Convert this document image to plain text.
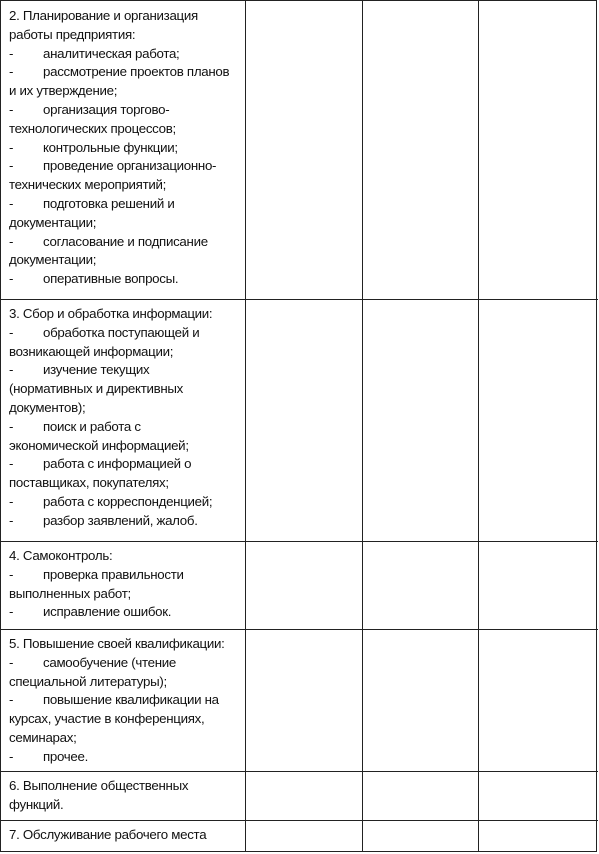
2. Планирование и организация
работы предприятия:
- аналитическая работа;
- рассмотрение проектов планов
и их утверждение;
- организация торгово-
технологических процессов;
- контрольные функции;
- проведение организационно-
технических мероприятий;
- подготовка решений и
документации;
- согласование и подписание
документации;
- оперативные вопросы.
3. Сбор и обработка информации:
- обработка поступающей и
возникающей информации;
- изучение текущих
(нормативных и директивных
документов);
- поиск и работа с
экономической информацией;
- работа с информацией о
поставщиках, покупателях;
- работа с корреспонденцией;
- разбор заявлений, жалоб.
4. Самоконтроль:
- проверка правильности
выполненных работ;
- исправление ошибок.
5. Повышение своей квалификации:
- самообучение (чтение
специальной литературы);
- повышение квалификации на
курсах, участие в конференциях,
семинарах;
- прочее.
6. Выполнение общественных
функций.
7. Обслуживание рабочего места
